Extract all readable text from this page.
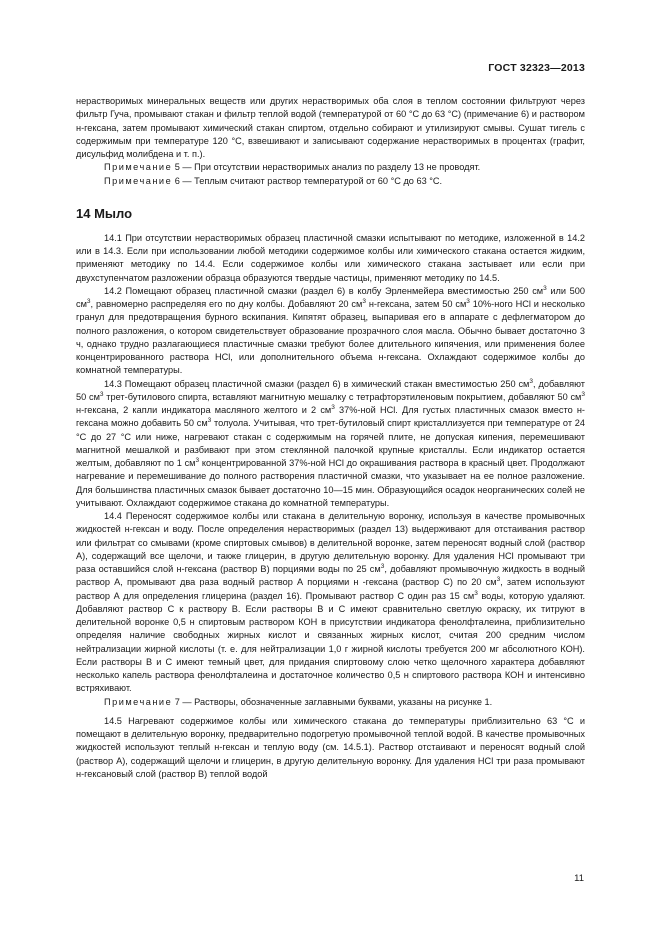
ГОСТ 32323—2013

нерастворимых минеральных веществ или других нерастворимых оба слоя в теплом состоянии фильтруют через фильтр Гуча, промывают стакан и фильтр теплой водой (температурой от 60 °C до 63 °C) (примечание 6) и раствором н-гексана, затем промывают химический стакан спиртом, отдельно собирают и утилизируют смывы. Сушат тигель с содержимым при температуре 120 °C, взвешивают и записывают содержание нерастворимых в процентах (графит, дисульфид молибдена и т. п.).

Примечание 5 — При отсутствии нерастворимых анализ по разделу 13 не проводят.

Примечание 6 — Теплым считают раствор температурой от 60 °C до 63 °C.

14 Мыло

14.1 При отсутствии нерастворимых образец пластичной смазки испытывают по методике, изложенной в 14.2 или в 14.3. Если при использовании любой методики содержимое колбы или химического стакана остается жидким, применяют методику по 14.4. Если содержимое колбы или химического стакана застывает или если при двухступенчатом разложении образца образуются твердые частицы, применяют методику по 14.5.

14.2 Помещают образец пластичной смазки (раздел 6) в колбу Эрленмейера вместимостью 250 $см^3$ или 500 $см^3$, равномерно распределяя его по дну колбы. Добавляют 20 $см^3$ н-гексана, затем 50 $см^3$ 10%-ного HCl и несколько гранул для предотвращения бурного вскипания. Кипятят образец, выпаривая его в аппарате с дефлегматором до полного разложения, о котором свидетельствует образование прозрачного слоя масла. Обычно бывает достаточно 3 ч, однако трудно разлагающиеся пластичные смазки требуют более длительного кипячения, или применения более концентрированного раствора HCl, или дополнительного объема н-гексана. Охлаждают содержимое колбы до комнатной температуры.

14.3 Помещают образец пластичной смазки (раздел 6) в химический стакан вместимостью 250 $см^3$, добавляют 50 $см^3$ трет-бутилового спирта, вставляют магнитную мешалку с тетрафторэтиленовым покрытием, добавляют 50 $см^3$ н-гексана, 2 капли индикатора масляного желтого и 2 $см^3$ 37%-ной HCl. Для густых пластичных смазок вместо н-гексана можно добавить 50 $см^3$ толуола. Учитывая, что трет-бутиловый спирт кристаллизуется при температуре от 24 °C до 27 °C или ниже, нагревают стакан с содержимым на горячей плите, не допуская кипения, перемешивают магнитной мешалкой и разбивают при этом стеклянной палочкой крупные кристаллы. Если индикатор остается желтым, добавляют по 1 $см^3$ концентрированной 37%-ной HCl до окрашивания раствора в красный цвет. Продолжают нагревание и перемешивание до полного растворения пластичной смазки, что указывает на ее полное разложение. Для большинства пластичных смазок бывает достаточно 10—15 мин. Образующийся осадок неорганических солей не учитывают. Охлаждают содержимое стакана до комнатной температуры.

14.4 Переносят содержимое колбы или стакана в делительную воронку, используя в качестве промывочных жидкостей н-гексан и воду. После определения нерастворимых (раздел 13) выдерживают для отстаивания раствор или фильтрат со смывами (кроме спиртовых смывов) в делительной воронке, затем переносят водный слой (раствор А), содержащий все щелочи, и также глицерин, в другую делительную воронку. Для удаления HCl промывают три раза оставшийся слой н-гексана (раствор В) порциями воды по 25 $см^3$, добавляют промывочную жидкость в водный раствор А, промывают два раза водный раствор А порциями н -гексана (раствор С) по 20 $см^3$, затем используют раствор А для определения глицерина (раздел 16). Промывают раствор С один раз 15 $см^3$ воды, которую удаляют. Добавляют раствор С к раствору В. Если растворы В и С имеют сравнительно светлую окраску, их титруют в делительной воронке 0,5 н спиртовым раствором КОН в присутствии индикатора фенолфталеина, приблизительно определяя наличие свободных жирных кислот и связанных жирных кислот, считая 200 средним числом нейтрализации жирной кислоты (т. е. для нейтрализации 1,0 г жирной кислоты требуется 200 мг абсолютного КОН). Если растворы В и С имеют темный цвет, для придания спиртовому слою четко щелочного характера добавляют несколько капель раствора фенолфталеина и достаточное количество 0,5 н спиртового раствора КОН и интенсивно встряхивают.

Примечание 7 — Растворы, обозначенные заглавными буквами, указаны на рисунке 1.

14.5 Нагревают содержимое колбы или химического стакана до температуры приблизительно 63 °C и помещают в делительную воронку, предварительно подогретую промывочной теплой водой. В качестве промывочных жидкостей используют теплый н-гексан и теплую воду (см. 14.5.1). Раствор отстаивают и переносят водный слой (раствор А), содержащий щелочи и глицерин, в другую делительную воронку. Для удаления HCl три раза промывают н-гексановый слой (раствор В) теплой водой

11
